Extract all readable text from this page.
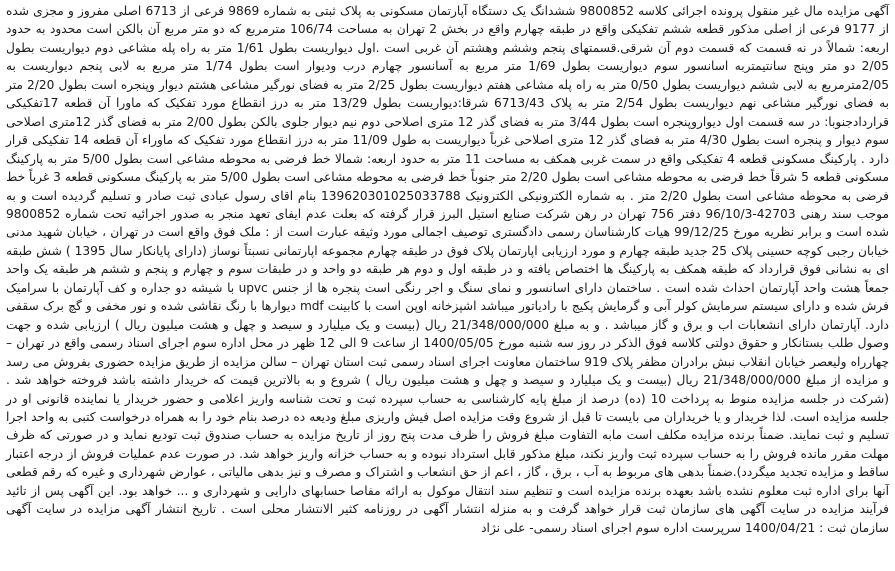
آگهی مزایده مال غیر منقول پرونده اجرائی کلاسه 9800852 ششدانگ یک دستگاه آپارتمان مسکونی به پلاک ثبتی به شماره 9869 فرعی از 6713 اصلی مفروز و مجزی شده از 9177 فرعی از اصلی مذکور قطعه ششم تفکیکی واقع در طبقه چهارم واقع در بخش 2 تهران به مساحت 106/74 مترمربع که دو متر مربع آن بالکن است محدود به حدود اربعه: شمالاً در نه قسمت که قسمت دوم آن شرقی.قسمتهای پنجم وششم وهشتم آن غربی است .اول دیواریست بطول 1/61 متر به راه پله مشاعی دوم دیواریست بطول 2/05 دو متر وپنج سانتیمتربه اسانسور سوم دیواریست بطول 1/69 متر مربع به آسانسور چهارم درب ودیوار است بطول 1/74 متر مربع به لابی پنجم دیواریست به 2/05مترمربع به لابی ششم دیواریست بطول 0/50 متر به راه پله مشاعی هفتم دیواریست بطول 2/25 متر به فضای نورگیر مشاعی هشتم دیوار وپنجره است بطول 2/20 متر به فضای نورگیر مشاعی نهم دیواریست بطول 2/54 متر به پلاک 6713/43 شرقا:دیواریست بطول 13/29 متر به درز انقطاع مورد تفکیک که ماورا آن قطعه 17تفکیکی قراردادجنوبا: در سه قسمت اول دیواروپنجره است بطول 3/44 متر به فضای گذر 12 متری اصلاحی دوم نیم دیوار جلوی بالکن بطول 2/00 متر به فضای گذر 12متری اصلاحی سوم دیوار و پنجره است بطول 4/30 متر به فضای گذر 12 متری اصلاحی غرباً دیواریست به طول 11/09 متر به درز انقطاع مورد تفکیک که ماوراء آن قطعه 14 تفکیکی قرار دارد . پارکینگ مسکونی قطعه 4 تفکیکی واقع در سمت غربی همکف به مساحت 11 متر به حدود اربعه: شمالا خط فرضی به محوطه مشاعی است بطول 5/00 متر به پارکینگ مسکونی قطعه 5 شرقاً خط فرضی به محوطه مشاعی است بطول 2/20 متر جنوباً خط فرضی به محوطه مشاعی است بطول 5/00 متر به پارکینگ مسکونی قطعه 3 غرباً خط فرضی به محوطه مشاعی است بطول 2/20 متر . به شماره الکترونیکی الکترونیک 139620301025033788 بنام اقای رسول عبادی ثبت صادر و تسلیم گردیده است و به موجب سند رهنی 42703-96/10/3 دفتر 756 تهران در رهن شرکت صنایع استیل البرز قرار گرفته که بعلت عدم ایفای تعهد منجر به صدور اجرائیه تحت شماره 9800852 شده است و برابر نظریه مورخ 99/12/25 هیات کارشناسان رسمی دادگستری توصیف اجمالی مورد وثیقه عبارت است از : ملک فوق واقع است در تهران ، خیابان شهید مدنی خیابان رجبی کوچه حسینی پلاک 25 جدید طبقه چهارم و مورد ارزیابی اپارتمان پلاک فوق در طبقه چهارم مجموعه اپارتمانی نسبتاً نوساز (دارای پایانکار سال 1395 ) شش طبقه ای به نشانی فوق قرارداد که طبقه همکف به پارکینگ ها اختصاص یافته و در طبقه اول و دوم هر طبقه دو واحد و در طبقات سوم و چهارم و پنجم و ششم هر طبقه یک واحد جمعاً هشت واحد آپارتمان احداث شده است . ساختمان دارای اسانسور و نمای سنگ و اجر رنگی است پنجره ها از جنس upvc با شیشه دو جداره و کف آپارتمان با سرامیک فرش شده و دارای سیستم سرمایش کولر آبی و گرمایش پکیج با رادیاتور میباشد اشپزخانه اوپن است با کابینت mdf دیوارها با رنگ نقاشی شده و نور مخفی و گچ برک سقفی دارد. آپارتمان دارای انشعابات اب و برق و گاز میباشد . و به مبلغ 21/348/000/000 ریال (بیست و یک میلیارد و سیصد و چهل و هشت میلیون ریال ) ارزیابی شده و جهت وصول طلب بستانکار و حقوق دولتی کلاسه فوق الذکر در روز سه شنبه مورخ 1400/05/05 از ساعت 9 الی 12 ظهر در محل اداره سوم اجرای اسناد رسمی واقع در تهران – چهارراه ولیعصر خیابان انقلاب نبش برادران مظفر پلاک 919 ساختمان معاونت اجرای اسناد رسمی ثبت استان تهران – سالن مزایده از طریق مزایده حضوری بفروش می رسد و مزایده از مبلغ 21/348/000/000 ریال (بیست و یک میلیارد و سیصد و چهل و هشت میلیون ریال ) شروع و به بالاترین قیمت که خریدار داشته باشد فروخته خواهد شد . (شرکت در جلسه مزایده منوط به پرداخت 10 (ده) درصد از مبلغ پایه کارشناسی به حساب سپرده ثبت و تحت شناسه واریز اعلامی و حضور خریدار یا نماینده قانونی او در جلسه مزایده است. لذا خریدار و یا خریداران می بایست تا قبل از شروع وقت مزایده اصل فیش واریزی مبلغ ودیعه ده درصد بنام خود را به همراه درخواست کتبی به واحد اجرا تسلیم و ثبت نمایند. ضمناً برنده مزایده مکلف است مابه التفاوت مبلغ فروش را ظرف مدت پنج روز از تاریخ مزایده به حساب صندوق ثبت تودیع نماید و در صورتی که ظرف مهلت مقرر مانده فروش را به حساب سپرده ثبت واریز نکند، مبلغ مذکور قابل استرداد نبوده و به حساب خزانه واریز خواهد شد. در صورت عدم عملیات فروش از درجه اعتبار ساقط و مزایده تجدید میگردد).ضمناً بدهی های مربوط به آب ، برق ، گاز ، اعم از حق انشعاب و اشتراک و مصرف و نیز بدهی مالیاتی ، عوارض شهرداری و غیره که رقم قطعی آنها برای اداره ثبت معلوم نشده باشد بعهده برنده مزایده است و تنظیم سند انتقال موکول به ارائه مفاصا حسابهای دارایی و شهرداری و ... خواهد بود. این آگهی پس از تائید فرآیند مزایده در سایت آگهی های سازمان ثبت قرار خواهد گرفت و به منزله انتشار آگهی در روزنامه کثیر الانتشار محلی است . تاریخ انتشار آگهی مزایده در سایت آگهی سازمان ثبت : 1400/04/21 سرپرست اداره سوم اجرای اسناد رسمی- علی نژاد
